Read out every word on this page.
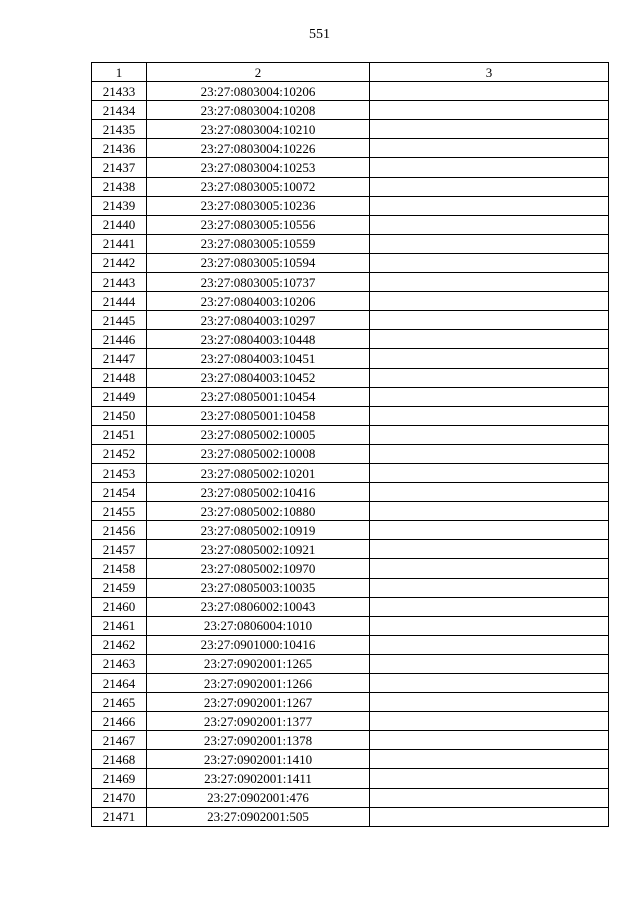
551
1	2	3
21433	23:27:0803004:10206	
21434	23:27:0803004:10208	
21435	23:27:0803004:10210	
21436	23:27:0803004:10226	
21437	23:27:0803004:10253	
21438	23:27:0803005:10072	
21439	23:27:0803005:10236	
21440	23:27:0803005:10556	
21441	23:27:0803005:10559	
21442	23:27:0803005:10594	
21443	23:27:0803005:10737	
21444	23:27:0804003:10206	
21445	23:27:0804003:10297	
21446	23:27:0804003:10448	
21447	23:27:0804003:10451	
21448	23:27:0804003:10452	
21449	23:27:0805001:10454	
21450	23:27:0805001:10458	
21451	23:27:0805002:10005	
21452	23:27:0805002:10008	
21453	23:27:0805002:10201	
21454	23:27:0805002:10416	
21455	23:27:0805002:10880	
21456	23:27:0805002:10919	
21457	23:27:0805002:10921	
21458	23:27:0805002:10970	
21459	23:27:0805003:10035	
21460	23:27:0806002:10043	
21461	23:27:0806004:1010	
21462	23:27:0901000:10416	
21463	23:27:0902001:1265	
21464	23:27:0902001:1266	
21465	23:27:0902001:1267	
21466	23:27:0902001:1377	
21467	23:27:0902001:1378	
21468	23:27:0902001:1410	
21469	23:27:0902001:1411	
21470	23:27:0902001:476	
21471	23:27:0902001:505	
